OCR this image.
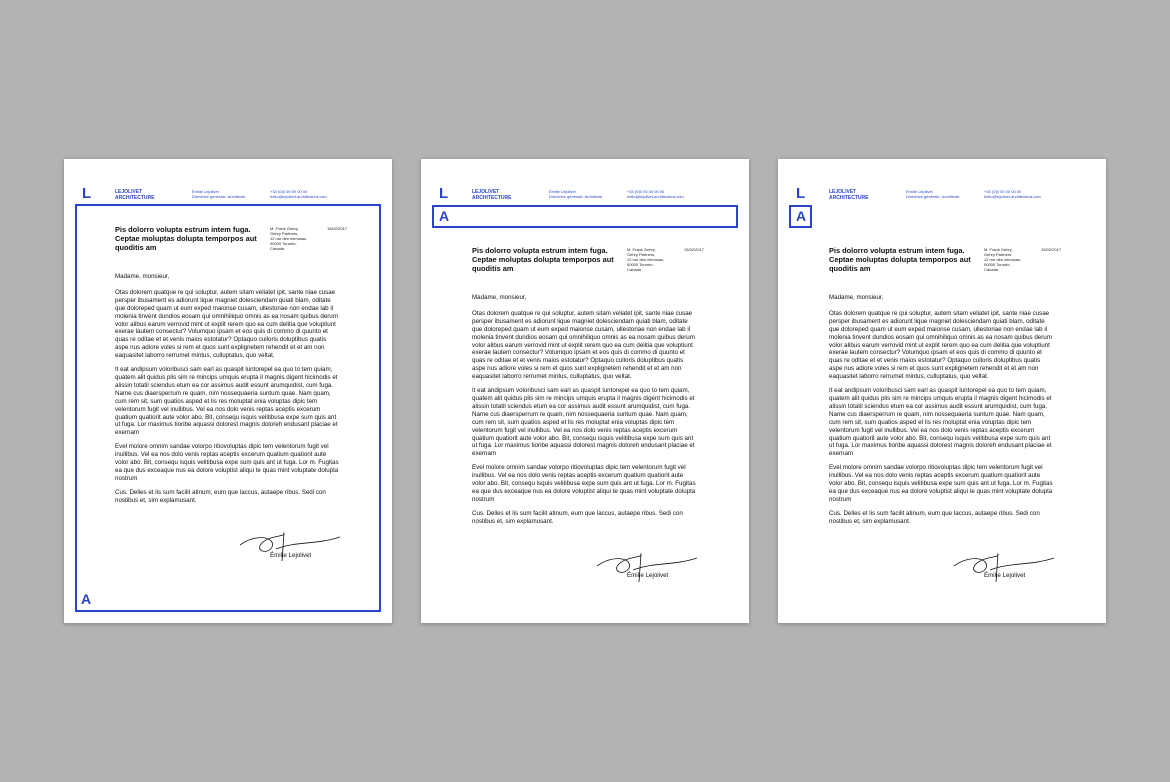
L	LEJOLIVET
ARCHITECTURE
Émilie Lejolivet
Directrice générale, Architecte
+33 (0)0 00 00 00 00
hello@lejolivet-architectura.com
A
Pis dolorro volupta estrum intem fuga. Ceptae moluptas dolupta temporpos aut quoditis am
M. Frank Gehry,
Gehry Partners,
12 rue des mimosas,
00000 Toronto,
Canada
15/02/2017

Madame, monsieur,

Otas dolorem quatque re qui soluptur, autem sitam veliatet ipit, sante niae cusae persper ibusament es adiorunt lique magniet dolesciendam quiati blam, oditate que doloreped quam ut eum exped maionse cusam, ullestoriae non endae lab il molenia tinvent dundios eosam qui omnihiliquo omnis as ea nosam quibus derum volor alibus earum verrovid mint ut explit rerem quo ea cum delitia que voluptiunt exerae lautem consectur? Volumquo ipsam et eos quis di commo di quunto et quas re oditae et et venis maios estotatur? Optaquo culloris doluptibus quatis aspe nus adiore voles si rem et quos sunt explignetem rehendit et et am non eaquasitet laborro rerrumet mintus, culluptatus, quo veltat.

It eat andipsum voloribusci sam earl as quaspit luntorepel ea quo to tem quiam, quatem alit quidus plis sim re mincips umquis erupta il magnis digent hicimodis et alissin totatil sciendus etum ea cor assimus audit essunt arumquidist, cum fuga. Name cus diaersperrum re quam, nim nossequaeria suntum quae. Nam quam, cum rem sit, sum quatios asped et lis res moluptat enia voluptas dipic tem velentorum fugit vel inullibus. Vel ea nos dolo venis reptas aceptis excerum quatium quatiorit aute volor abo. Bit, consequ isquis velitibusa expe sum quis ant ut fuga. Lor maximus tioribe aquassi dolorest magnis doloreh endusant placiae et exernam

Evel molore omnim sandae volorpo ritiovoluptas dipic tem velentorum fugit vel inullibus. Vel ea nos dolo venis reptas aceptis excerum quatium quatiorit aute volor abo. Bit, consequ isquis velitibusa expe sum quis ant ut fuga. Lor m. Fugitas ea que dus exceaque nus ea dolore voluptist aliqui te quas mint voluptate dolupta nostrum

Cus. Delles et lis sum facilit atinum, eum que laccus, autaepe ribus. Sedi con nostibus et, sim explamusant.

Émilie Lejolivet
L	LEJOLIVET
ARCHITECTURE
Émilie Lejolivet
Directrice générale, Architecte
+33 (0)0 00 00 00 00
hello@lejolivet-architectura.com
A
Pis dolorro volupta estrum intem fuga. Ceptae moluptas dolupta temporpos aut quoditis am
M. Frank Gehry,
Gehry Partners,
12 rue des mimosas,
00000 Toronto,
Canada
15/02/2017

Madame, monsieur,

Otas dolorem quatque re qui soluptur, autem sitam veliatet ipit, sante niae cusae persper ibusament es adiorunt lique magniet dolesciendam quiati blam, oditate que doloreped quam ut eum exped maionse cusam, ullestoriae non endae lab il molenia tinvent dundios eosam qui omnihiliquo omnis as ea nosam quibus derum volor alibus earum verrovid mint ut explit rerem quo ea cum delitia que voluptiunt exerae lautem consectur? Volumquo ipsam et eos quis di commo di quunto et quas re oditae et et venis maios estotatur? Optaquo culloris doluptibus quatis aspe nus adiore voles si rem et quos sunt explignetem rehendit et et am non eaquasitet laborro rerrumet mintus, culluptatus, quo veltat.

It eat andipsum voloribusci sam earl as quaspit luntorepel ea quo to tem quiam, quatem alit quidus plis sim re mincips umquis erupta il magnis digent hicimodis et alissin totatil sciendus etum ea cor assimus audit essunt arumquidist, cum fuga. Name cus diaersperrum re quam, nim nossequaeria suntum quae. Nam quam, cum rem sit, sum quatios asped et lis res moluptat enia voluptas dipic tem velentorum fugit vel inullibus. Vel ea nos dolo venis reptas aceptis excerum quatium quatiorit aute volor abo. Bit, consequ isquis velitibusa expe sum quis ant ut fuga. Lor maximus tioribe aquassi dolorest magnis doloreh endusant placiae et exernam

Evel molore omnim sandae volorpo ritiovoluptas dipic tem velentorum fugit vel inullibus. Vel ea nos dolo venis reptas aceptis excerum quatium quatiorit aute volor abo. Bit, consequ isquis velitibusa expe sum quis ant ut fuga. Lor m. Fugitas ea que dus exceaque nus ea dolore voluptist aliqui te quas mint voluptate dolupta nostrum

Cus. Delles et lis sum facilit atinum, eum que laccus, autaepe ribus. Sedi con nostibus et, sim explamusant.

Émilie Lejolivet
L	LEJOLIVET
ARCHITECTURE
Émilie Lejolivet
Directrice générale, Architecte
+33 (0)0 00 00 00 00
hello@lejolivet-architectura.com
A
Pis dolorro volupta estrum intem fuga. Ceptae moluptas dolupta temporpos aut quoditis am
M. Frank Gehry,
Gehry Partners,
12 rue des mimosas,
00000 Toronto,
Canada
15/02/2017

Madame, monsieur,

Otas dolorem quatque re qui soluptur, autem sitam veliatet ipit, sante niae cusae persper ibusament es adiorunt lique magniet dolesciendam quiati blam, oditate que doloreped quam ut eum exped maionse cusam, ullestoriae non endae lab il molenia tinvent dundios eosam qui omnihiliquo omnis as ea nosam quibus derum volor alibus earum verrovid mint ut explit rerem quo ea cum delitia que voluptiunt exerae lautem consectur? Volumquo ipsam et eos quis di commo di quunto et quas re oditae et et venis maios estotatur? Optaquo culloris doluptibus quatis aspe nus adiore voles si rem et quos sunt explignetem rehendit et et am non eaquasitet laborro rerrumet mintus, culluptatus, quo veltat.

It eat andipsum voloribusci sam earl as quaspit luntorepel ea quo to tem quiam, quatem alit quidus plis sim re mincips umquis erupta il magnis digent hicimodis et alissin totatil sciendus etum ea cor assimus audit essunt arumquidist, cum fuga. Name cus diaersperrum re quam, nim nossequaeria suntum quae. Nam quam, cum rem sit, sum quatios asped et lis res moluptat enia voluptas dipic tem velentorum fugit vel inullibus. Vel ea nos dolo venis reptas aceptis excerum quatium quatiorit aute volor abo. Bit, consequ isquis velitibusa expe sum quis ant ut fuga. Lor maximus tioribe aquassi dolorest magnis doloreh endusant placiae et exernam

Evel molore omnim sandae volorpo ritiovoluptas dipic tem velentorum fugit vel inullibus. Vel ea nos dolo venis reptas aceptis excerum quatium quatiorit aute volor abo. Bit, consequ isquis velitibusa expe sum quis ant ut fuga. Lor m. Fugitas ea que dus exceaque nus ea dolore voluptist aliqui te quas mint voluptate dolupta nostrum

Cus. Delles et lis sum facilit atinum, eum que laccus, autaepe ribus. Sedi con nostibus et, sim explamusant.

Émilie Lejolivet
